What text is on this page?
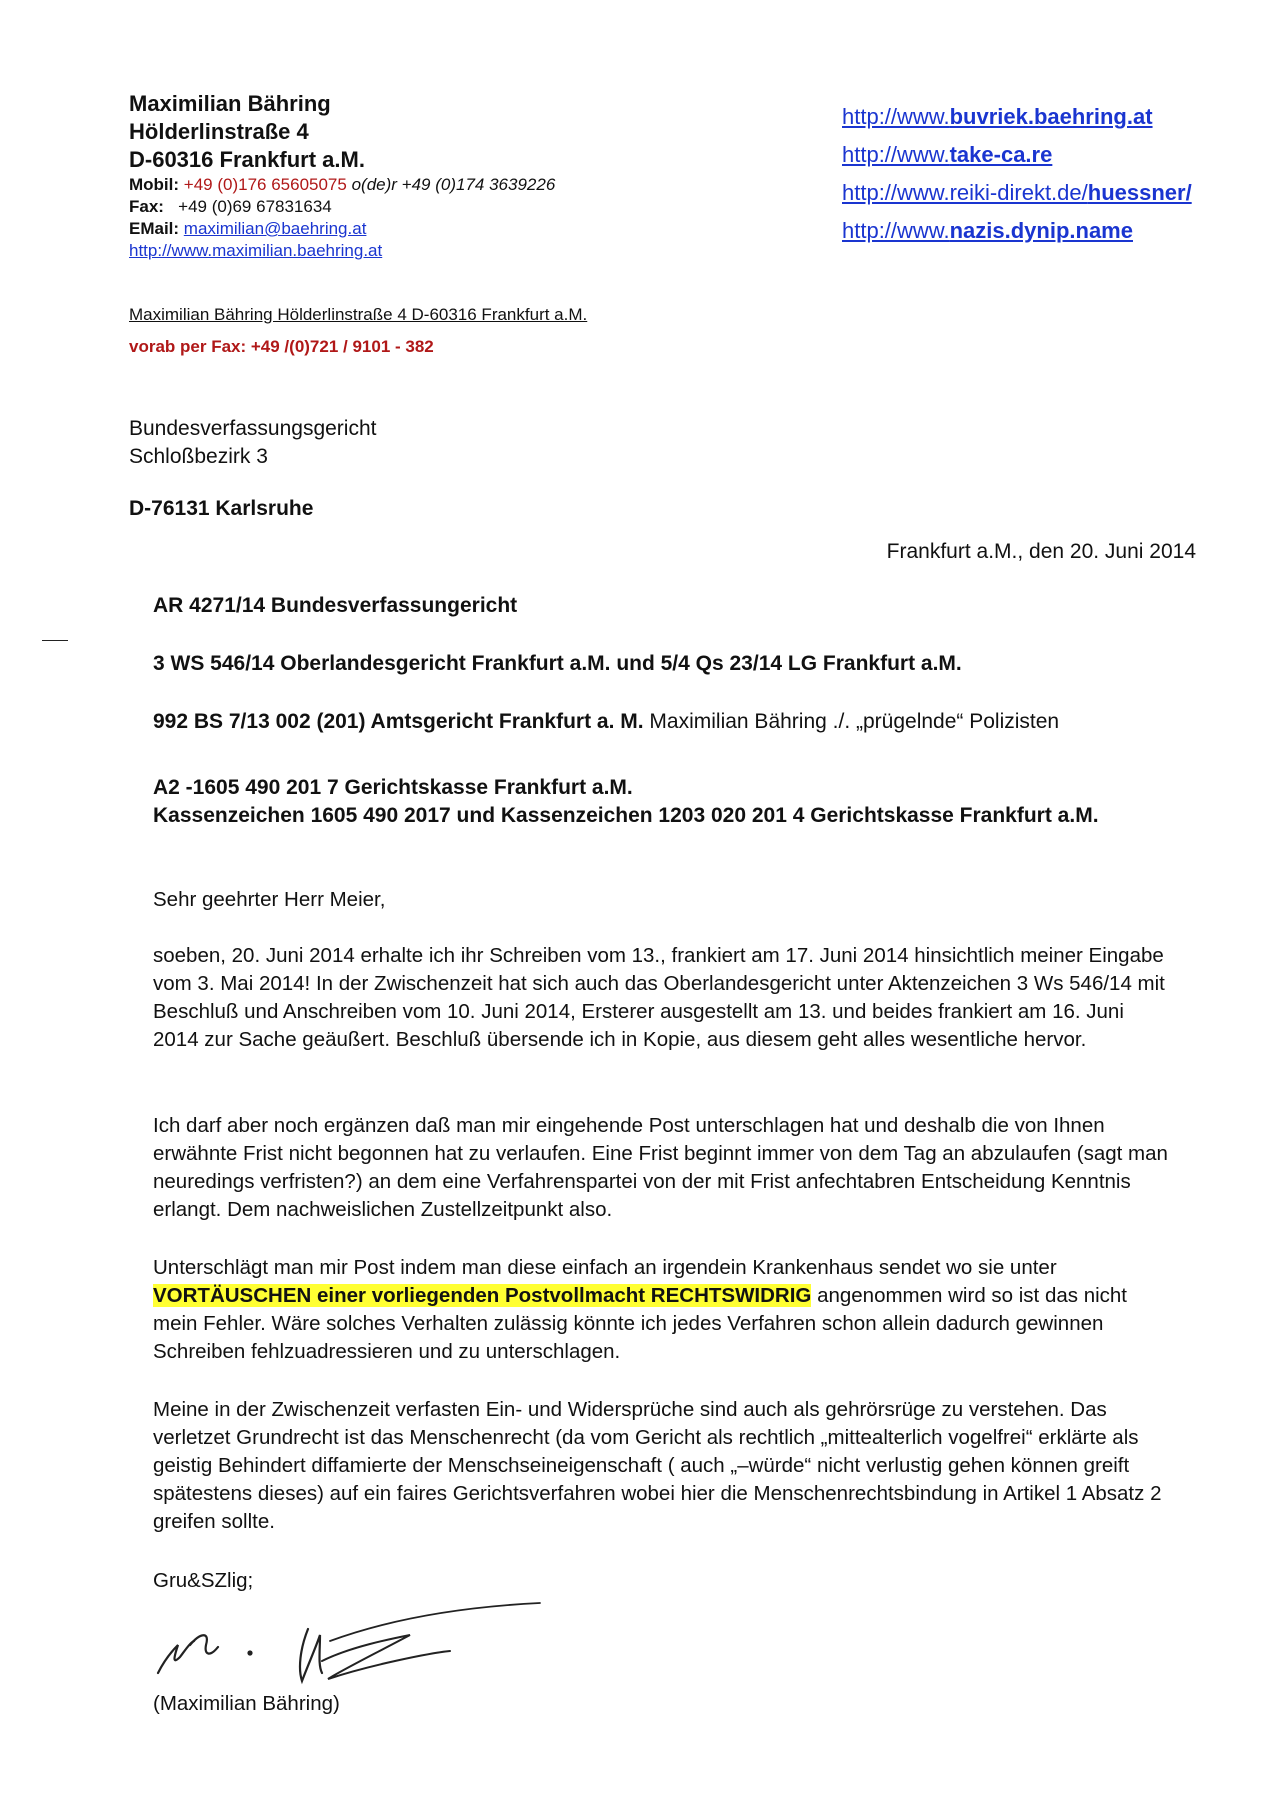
Maximilian Bähring
Hölderlinstraße 4
D-60316 Frankfurt a.M.
Mobil: +49 (0)176 65605075 o(de)r +49 (0)174 3639226
Fax: +49 (0)69 67831634
EMail: maximilian@baehring.at
http://www.maximilian.baehring.at
http://www.buvriek.baehring.at
http://www.take-ca.re
http://www.reiki-direkt.de/huessner/
http://www.nazis.dynip.name
Maximilian Bähring Hölderlinstraße 4 D-60316 Frankfurt a.M.
vorab per Fax: +49 /(0)721 / 9101 - 382
Bundesverfassungsgericht
Schloßbezirk 3
D-76131 Karlsruhe
Frankfurt a.M., den 20. Juni 2014
AR 4271/14 Bundesverfassungericht
3 WS 546/14 Oberlandesgericht Frankfurt a.M. und 5/4 Qs 23/14 LG Frankfurt a.M.
992 BS 7/13 002 (201) Amtsgericht Frankfurt a. M. Maximilian Bähring ./. „prügelnde“ Polizisten
A2 -1605 490 201 7 Gerichtskasse Frankfurt a.M.
Kassenzeichen 1605 490 2017 und Kassenzeichen 1203 020 201 4 Gerichtskasse Frankfurt a.M.
Sehr geehrter Herr Meier,

soeben, 20. Juni 2014 erhalte ich ihr Schreiben vom 13., frankiert am 17. Juni 2014 hinsichtlich meiner Eingabe vom 3. Mai 2014! In der Zwischenzeit hat sich auch das Oberlandesgericht unter Aktenzeichen 3 Ws 546/14 mit Beschluß und Anschreiben vom 10. Juni 2014, Ersterer ausgestellt am 13. und beides frankiert am 16. Juni 2014 zur Sache geäußert. Beschluß übersende ich in Kopie, aus diesem geht alles wesentliche hervor.

Ich darf aber noch ergänzen daß man mir eingehende Post unterschlagen hat und deshalb die von Ihnen erwähnte Frist nicht begonnen hat zu verlaufen. Eine Frist beginnt immer von dem Tag an abzulaufen (sagt man neuredings verfristen?) an dem eine Verfahrenspartei von der mit Frist anfechtabren Entscheidung Kenntnis erlangt. Dem nachweislichen Zustellzeitpunkt also.

Unterschlägt man mir Post indem man diese einfach an irgendein Krankenhaus sendet wo sie unter VORTÄUSCHEN einer vorliegenden Postvollmacht RECHTSWIDRIG angenommen wird so ist das nicht mein Fehler. Wäre solches Verhalten zulässig könnte ich jedes Verfahren schon allein dadurch gewinnen Schreiben fehlzuadressieren und zu unterschlagen.

Meine in der Zwischenzeit verfasten Ein- und Widersprüche sind auch als gehrörsrüge zu verstehen. Das verletzet Grundrecht ist das Menschenrecht (da vom Gericht als rechtlich „mittealterlich vogelfrei“ erklärte als geistig Behindert diffamierte der Menschseineigenschaft ( auch „–würde“ nicht verlustig gehen können greift spätestens dieses) auf ein faires Gerichtsverfahren wobei hier die Menschenrechtsbindung in Artikel 1 Absatz 2 greifen sollte.

Gru&SZlig;
(Maximilian Bähring)
